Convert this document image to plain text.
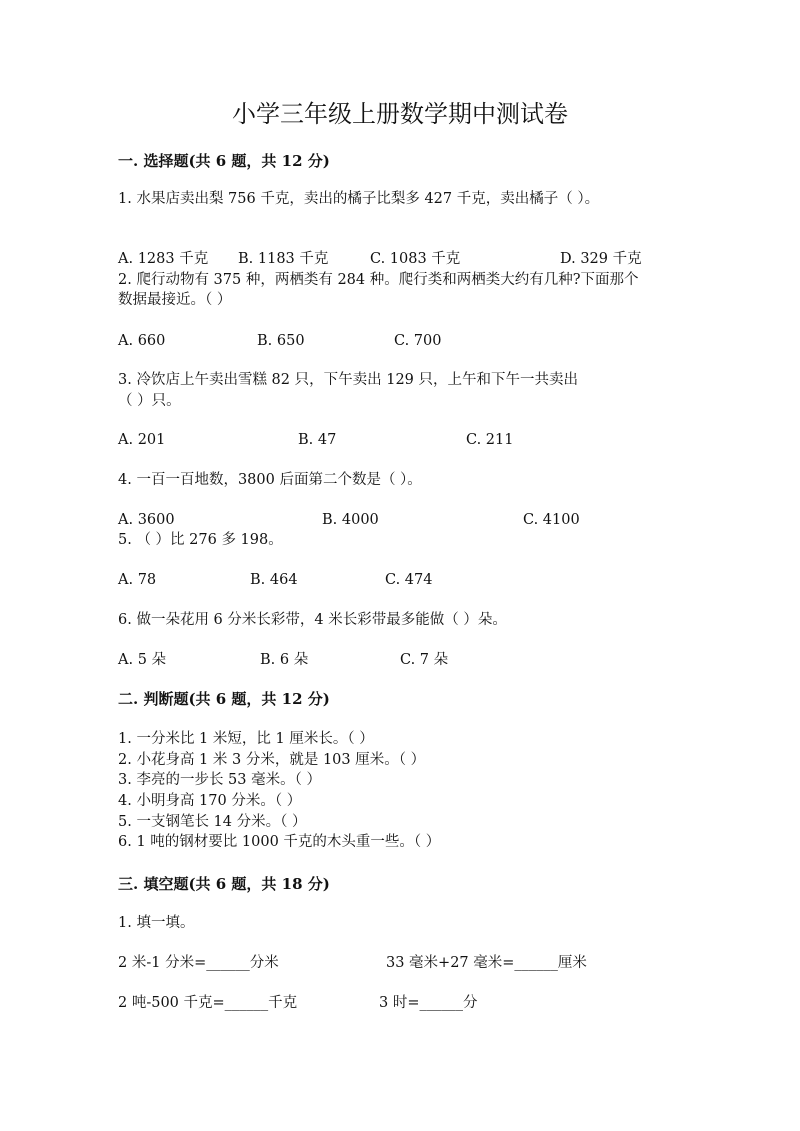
小学三年级上册数学期中测试卷
一. 选择题(共 6 题，共 12 分)
1. 水果店卖出梨 756 千克，卖出的橘子比梨多 427 千克，卖出橘子（ ）。
A. 1283 千克 B. 1183 千克	C. 1083 千克	D. 329 千克
2. 爬行动物有 375 种，两栖类有 284 种。爬行类和两栖类大约有几种?下面那个
数据最接近。（ ）
A. 660	B. 650	C. 700
3. 冷饮店上午卖出雪糕 82 只，下午卖出 129 只，上午和下午一共卖出
（ ）只。
A. 201	B. 47	C. 211
4. 一百一百地数，3800 后面第二个数是（ ）。
A. 3600	B. 4000	C. 4100
5. （ ）比 276 多 198。
A. 78	B. 464	C. 474
6. 做一朵花用 6 分米长彩带，4 米长彩带最多能做（ ）朵。
A. 5 朵	B. 6 朵	C. 7 朵
二. 判断题(共 6 题，共 12 分)
1. 一分米比 1 米短，比 1 厘米长。（ ）
2. 小花身高 1 米 3 分米，就是 103 厘米。（ ）
3. 李亮的一步长 53 毫米。（ ）
4. 小明身高 170 分米。（ ）
5. 一支钢笔长 14 分米。（ ）
6. 1 吨的钢材要比 1000 千克的木头重一些。（ ）
三. 填空题(共 6 题，共 18 分)
1. 填一填。
2 米-1 分米=______分米	33 毫米+27 毫米=______厘米
2 吨-500 千克=______千克	3 时=______分
